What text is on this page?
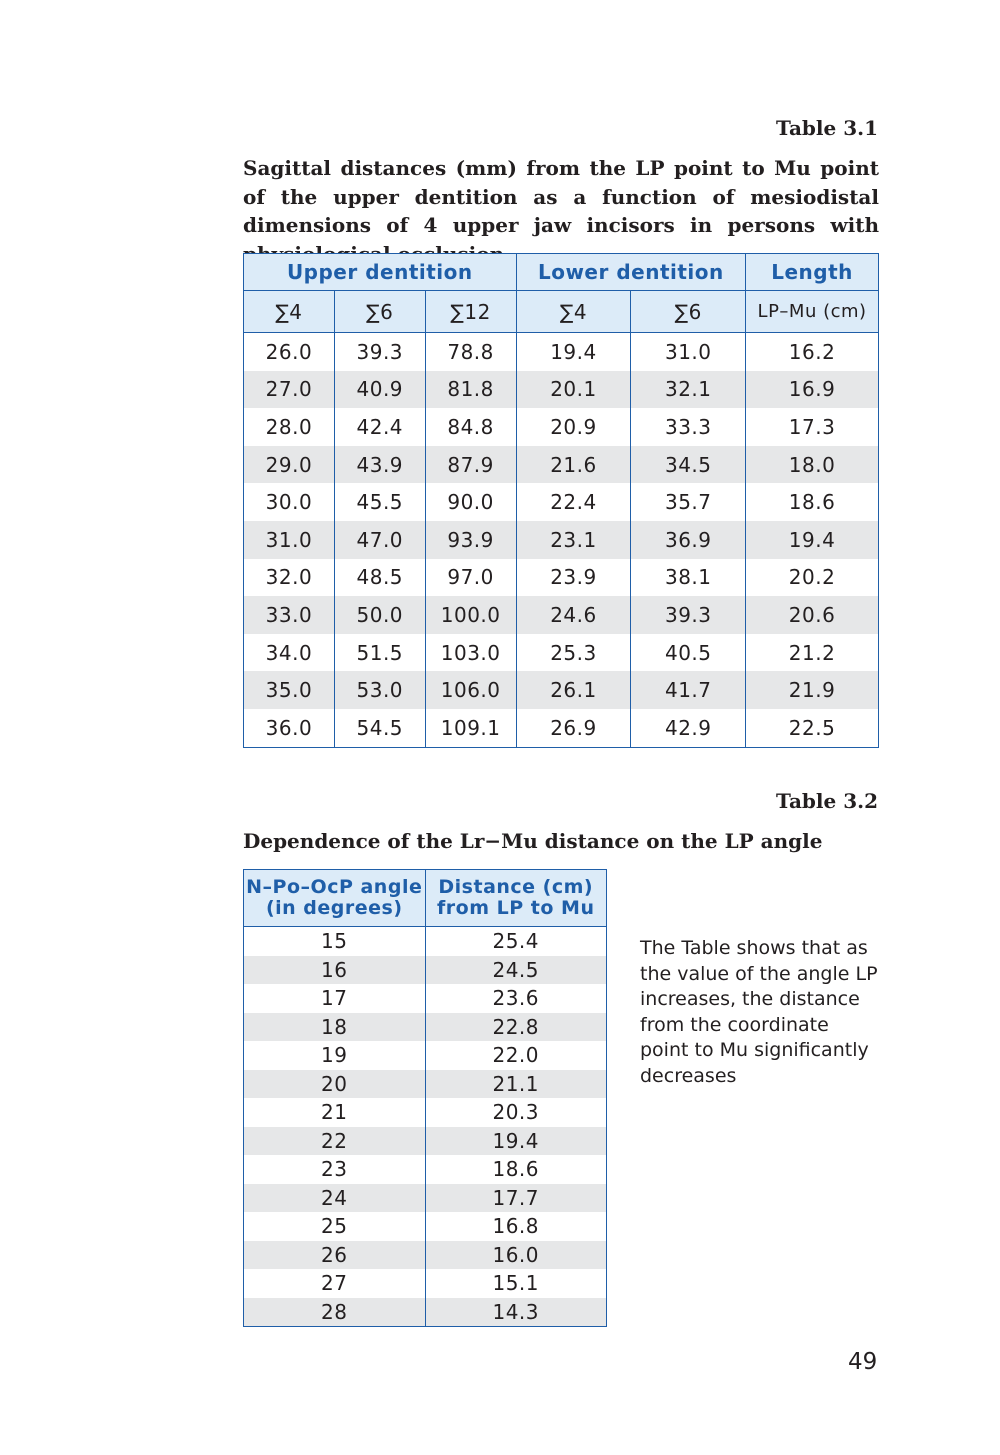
Table 3.1
Sagittal distances (mm) from the LP point to Mu point of the upper dentition as a function of mesiodistal dimensions of 4 upper jaw incisors in persons with
Upper dentition			Lower dentition		Length
∑4	∑6	∑12	∑4	∑6	LP–Mu (cm)
26.0	39.3	78.8	19.4	31.0	16.2
27.0	40.9	81.8	20.1	32.1	16.9
28.0	42.4	84.8	20.9	33.3	17.3
29.0	43.9	87.9	21.6	34.5	18.0
30.0	45.5	90.0	22.4	35.7	18.6
31.0	47.0	93.9	23.1	36.9	19.4
32.0	48.5	97.0	23.9	38.1	20.2
33.0	50.0	100.0	24.6	39.3	20.6
34.0	51.5	103.0	25.3	40.5	21.2
35.0	53.0	106.0	26.1	41.7	21.9
36.0	54.5	109.1	26.9	42.9	22.5
Table 3.2
Dependence of the Lr−Mu distance on the LP angle
N–Po–OcP angle (in degrees)	Distance (cm) from LP to Mu
15	25.4
16	24.5
17	23.6
18	22.8
19	22.0
20	21.1
21	20.3
22	19.4
23	18.6
24	17.7
25	16.8
26	16.0
27	15.1
28	14.3
The Table shows that as the value of the angle LP increases, the distance from the coordinate point to Mu significantly decreases
49
